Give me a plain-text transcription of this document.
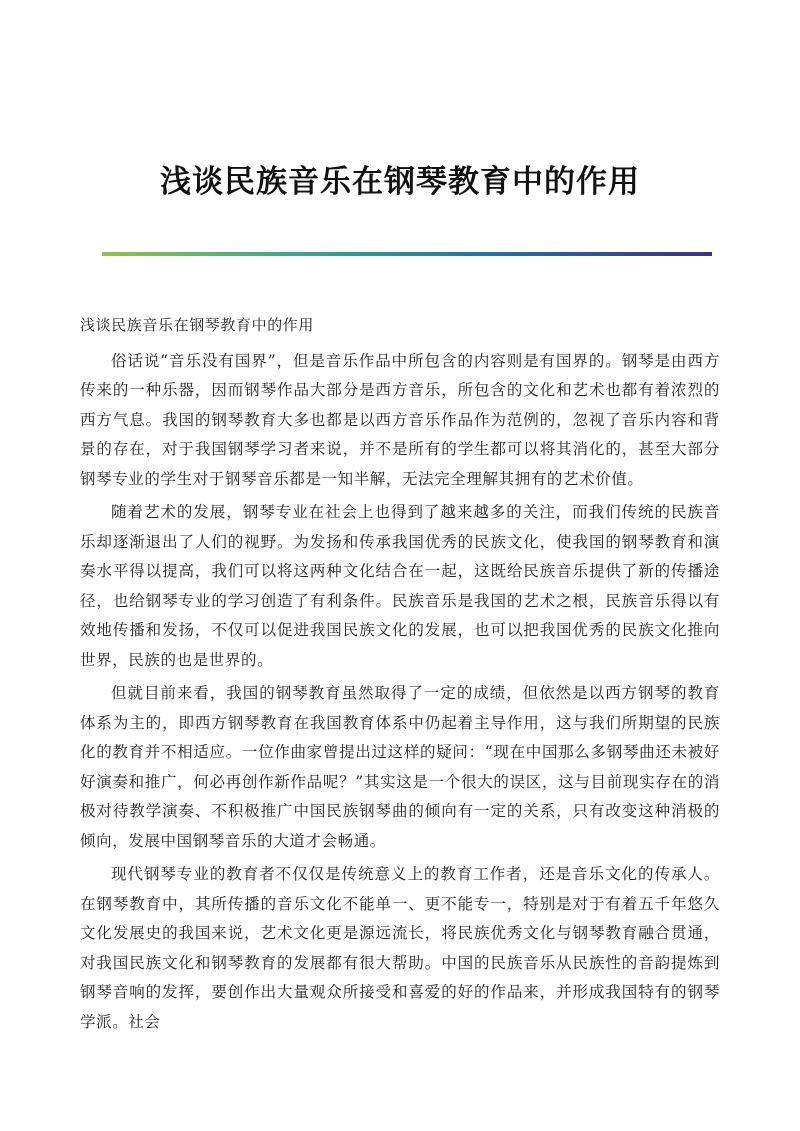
浅谈民族音乐在钢琴教育中的作用

浅谈民族音乐在钢琴教育中的作用

俗话说“音乐没有国界”，但是音乐作品中所包含的内容则是有国界的。钢琴是由西方传来的一种乐器，因而钢琴作品大部分是西方音乐，所包含的文化和艺术也都有着浓烈的西方气息。我国的钢琴教育大多也都是以西方音乐作品作为范例的，忽视了音乐内容和背景的存在，对于我国钢琴学习者来说，并不是所有的学生都可以将其消化的，甚至大部分钢琴专业的学生对于钢琴音乐都是一知半解，无法完全理解其拥有的艺术价值。

随着艺术的发展，钢琴专业在社会上也得到了越来越多的关注，而我们传统的民族音乐却逐渐退出了人们的视野。为发扬和传承我国优秀的民族文化，使我国的钢琴教育和演奏水平得以提高，我们可以将这两种文化结合在一起，这既给民族音乐提供了新的传播途径，也给钢琴专业的学习创造了有利条件。民族音乐是我国的艺术之根，民族音乐得以有效地传播和发扬，不仅可以促进我国民族文化的发展，也可以把我国优秀的民族文化推向世界，民族的也是世界的。

但就目前来看，我国的钢琴教育虽然取得了一定的成绩，但依然是以西方钢琴的教育体系为主的，即西方钢琴教育在我国教育体系中仍起着主导作用，这与我们所期望的民族化的教育并不相适应。一位作曲家曾提出过这样的疑问：“现在中国那么多钢琴曲还未被好好演奏和推广，何必再创作新作品呢？”其实这是一个很大的误区，这与目前现实存在的消极对待教学演奏、不积极推广中国民族钢琴曲的倾向有一定的关系，只有改变这种消极的倾向，发展中国钢琴音乐的大道才会畅通。

现代钢琴专业的教育者不仅仅是传统意义上的教育工作者，还是音乐文化的传承人。在钢琴教育中，其所传播的音乐文化不能单一、更不能专一，特别是对于有着五千年悠久文化发展史的我国来说，艺术文化更是源远流长，将民族优秀文化与钢琴教育融合贯通，对我国民族文化和钢琴教育的发展都有很大帮助。中国的民族音乐从民族性的音韵提炼到钢琴音响的发挥，要创作出大量观众所接受和喜爱的好的作品来，并形成我国特有的钢琴学派。社会
